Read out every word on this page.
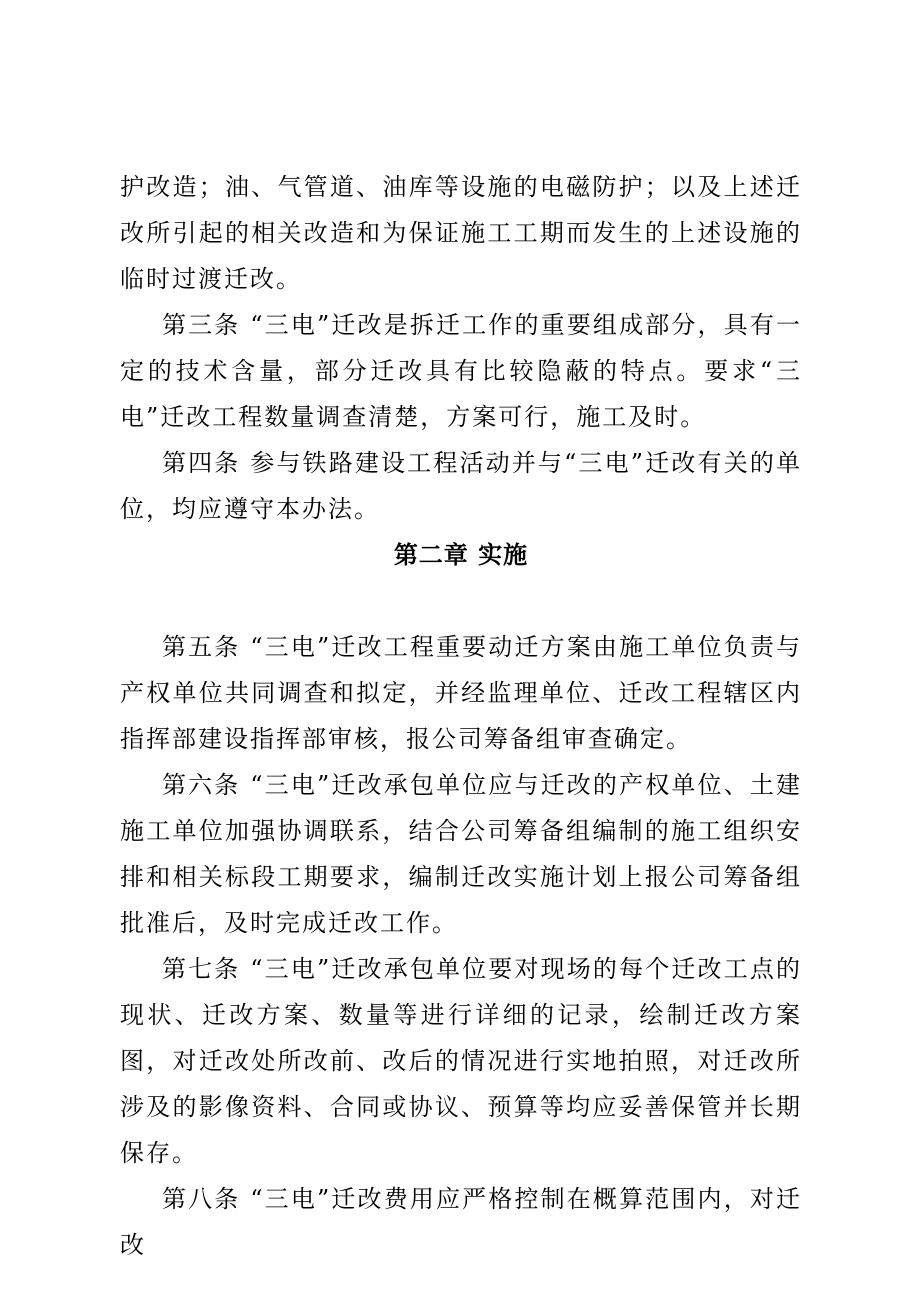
护改造；油、气管道、油库等设施的电磁防护；以及上述迁改所引起的相关改造和为保证施工工期而发生的上述设施的临时过渡迁改。

第三条 “三电”迁改是拆迁工作的重要组成部分，具有一定的技术含量，部分迁改具有比较隐蔽的特点。要求“三电”迁改工程数量调查清楚，方案可行，施工及时。

第四条 参与铁路建设工程活动并与“三电”迁改有关的单位，均应遵守本办法。

第二章 实施

第五条 “三电”迁改工程重要动迁方案由施工单位负责与产权单位共同调查和拟定，并经监理单位、迁改工程辖区内指挥部建设指挥部审核，报公司筹备组审查确定。

第六条 “三电”迁改承包单位应与迁改的产权单位、土建施工单位加强协调联系，结合公司筹备组编制的施工组织安排和相关标段工期要求，编制迁改实施计划上报公司筹备组批准后，及时完成迁改工作。

第七条 “三电”迁改承包单位要对现场的每个迁改工点的现状、迁改方案、数量等进行详细的记录，绘制迁改方案图，对迁改处所改前、改后的情况进行实地拍照，对迁改所涉及的影像资料、合同或协议、预算等均应妥善保管并长期保存。

第八条 “三电”迁改费用应严格控制在概算范围内，对迁改
